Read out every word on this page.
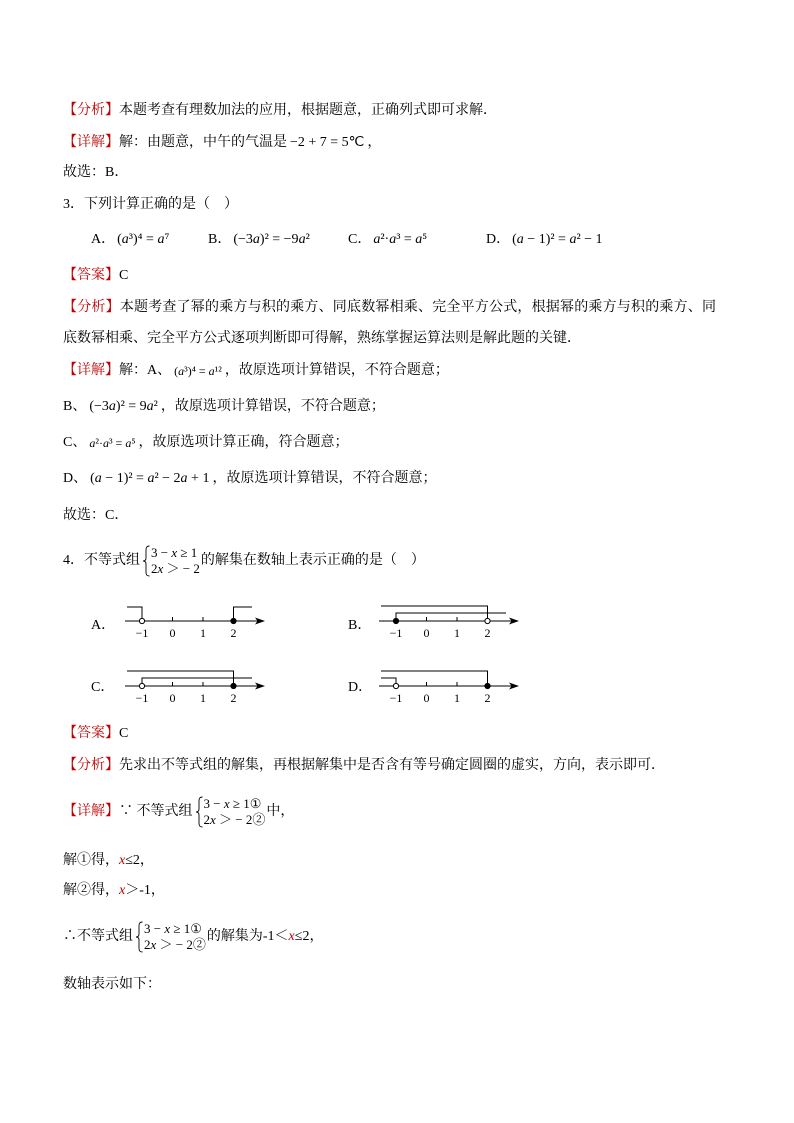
【分析】 本题考查有理数加法的应用，根据题意，正确列式即可求解．
【详解】 解：由题意，中午的气温是 −2 + 7 = 5℃ ，
故选：B．
3．下列计算正确的是（　）
A． (a³)⁴ = a⁷	B． (−3a)² = −9a²	C． a²·a³ = a⁵	D． (a − 1)² = a² − 1
【答案】 C
【分析】本题考查了幂的乘方与积的乘方、同底数幂相乘、完全平方公式，根据幂的乘方与积的乘方、同
底数幂相乘、完全平方公式逐项判断即可得解，熟练掌握运算法则是解此题的关键．
【详解】 解：A、 (a³)⁴ = a¹² ，故原选项计算错误，不符合题意；
B、 (−3a)² = 9a² ，故原选项计算错误，不符合题意；
C、 a²·a³ = a⁵ ，故原选项计算正确，符合题意；
D、 (a − 1)² = a² − 2a + 1 ，故原选项计算错误，不符合题意；
故选：C．
4．不等式组
3 − x ≥ 1
2x ＞ − 2
的解集在数轴上表示正确的是（　）
A． −1 0 1 2	B． −1 0 1 2
C．
−1 0 1 2
D．
−1 0 1 2
【答案】 C
【分析】 先求出不等式组的解集，再根据解集中是否含有等号确定圆圈的虚实，方向，表示即可．
【详解】 ∵ 不等式组
3 − x ≥ 1①
2x ＞ − 2②
中，
解①得， x≤2 ，
解②得， x＞-1 ，
∴不等式组
3 − x ≥ 1①
2x ＞ − 2②
的解集为 -1＜x≤2 ，
数轴表示如下：
